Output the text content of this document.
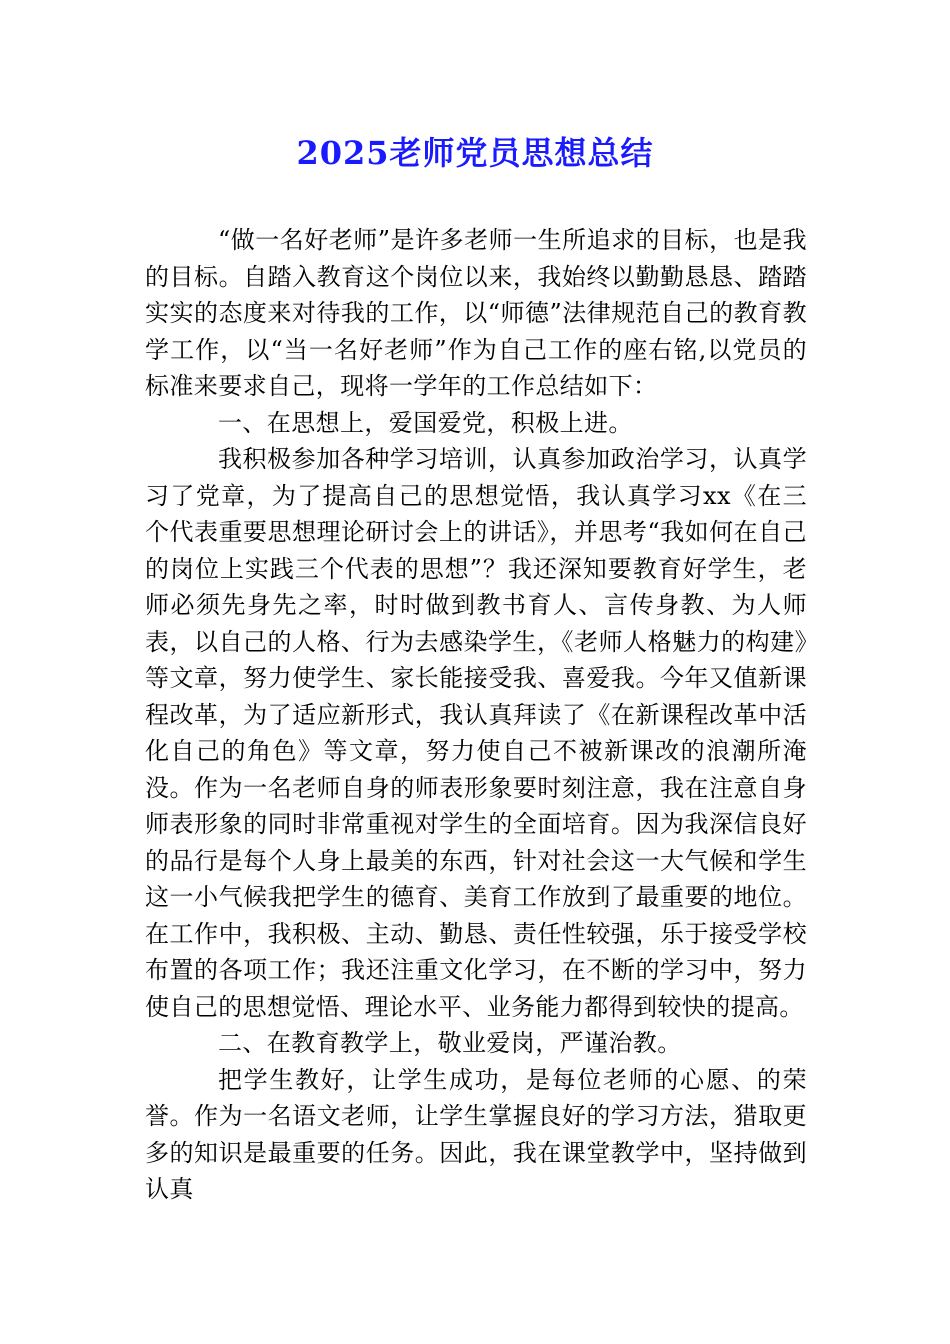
2025老师党员思想总结

“做一名好老师”是许多老师一生所追求的目标，也是我的目标。自踏入教育这个岗位以来，我始终以勤勤恳恳、踏踏实实的态度来对待我的工作，以“师德”法律规范自己的教育教学工作，以“当一名好老师”作为自己工作的座右铭,以党员的标准来要求自己，现将一学年的工作总结如下：

一、在思想上，爱国爱党，积极上进。

我积极参加各种学习培训，认真参加政治学习，认真学习了党章，为了提高自己的思想觉悟，我认真学习xx《在三个代表重要思想理论研讨会上的讲话》，并思考“我如何在自己的岗位上实践三个代表的思想”？我还深知要教育好学生，老师必须先身先之率，时时做到教书育人、言传身教、为人师表，以自己的人格、行为去感染学生，《老师人格魅力的构建》等文章，努力使学生、家长能接受我、喜爱我。今年又值新课程改革，为了适应新形式，我认真拜读了《在新课程改革中活化自己的角色》等文章，努力使自己不被新课改的浪潮所淹没。作为一名老师自身的师表形象要时刻注意，我在注意自身师表形象的同时非常重视对学生的全面培育。因为我深信良好的品行是每个人身上最美的东西，针对社会这一大气候和学生这一小气候我把学生的德育、美育工作放到了最重要的地位。在工作中，我积极、主动、勤恳、责任性较强，乐于接受学校布置的各项工作；我还注重文化学习，在不断的学习中，努力使自己的思想觉悟、理论水平、业务能力都得到较快的提高。

二、在教育教学上，敬业爱岗，严谨治教。

把学生教好，让学生成功，是每位老师的心愿、的荣誉。作为一名语文老师，让学生掌握良好的学习方法，猎取更多的知识是最重要的任务。因此，我在课堂教学中，坚持做到认真
